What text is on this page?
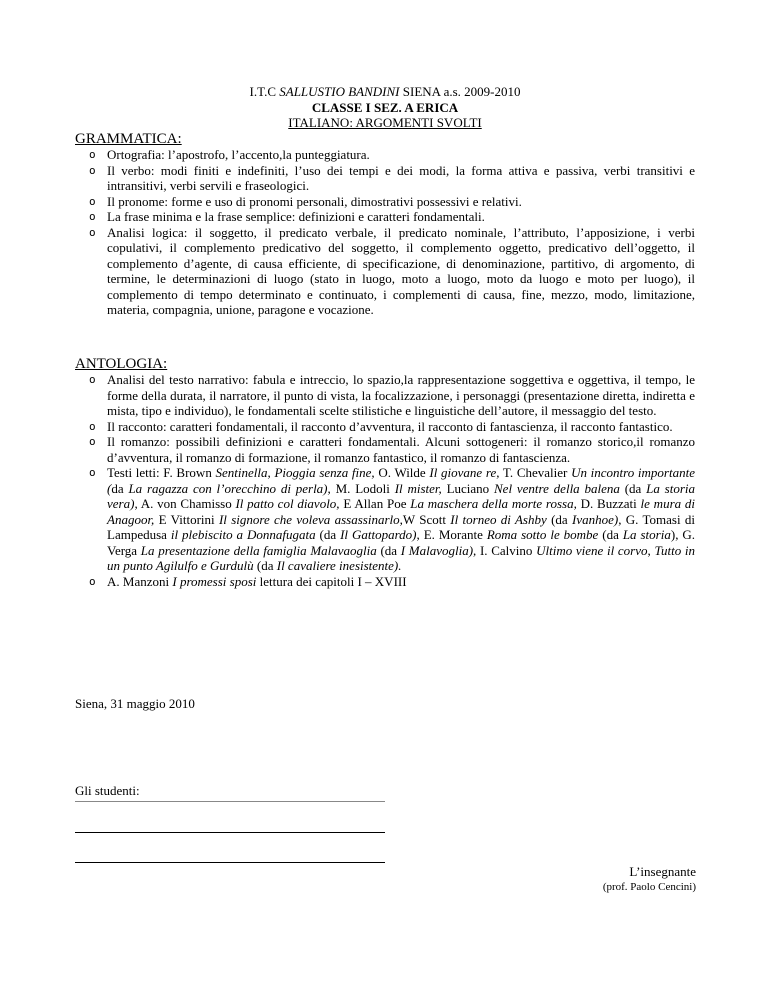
I.T.C SALLUSTIO BANDINI SIENA a.s. 2009-2010
CLASSE I SEZ. A ERICA
ITALIANO: ARGOMENTI SVOLTI
GRAMMATICA:
o Ortografia: l’apostrofo, l’accento,la punteggiatura.
o Il verbo: modi finiti e indefiniti, l’uso dei tempi e dei modi, la forma attiva e passiva, verbi transitivi e intransitivi, verbi servili e fraseologici.
o Il pronome: forme e uso di pronomi personali, dimostrativi possessivi e relativi.
o La frase minima e la frase semplice: definizioni e caratteri fondamentali.
o Analisi logica: il soggetto, il predicato verbale, il predicato nominale, l’attributo, l’apposizione, i verbi copulativi, il complemento predicativo del soggetto, il complemento oggetto, predicativo dell’oggetto, il complemento d’agente, di causa efficiente, di specificazione, di denominazione, partitivo, di argomento, di termine, le determinazioni di luogo (stato in luogo, moto a luogo, moto da luogo e moto per luogo), il complemento di tempo determinato e continuato, i complementi di causa, fine, mezzo, modo, limitazione, materia, compagnia, unione, paragone e vocazione.
ANTOLOGIA:
o Analisi del testo narrativo: fabula e intreccio, lo spazio,la rappresentazione soggettiva e oggettiva, il tempo, le forme della durata, il narratore, il punto di vista, la focalizzazione, i personaggi (presentazione diretta, indiretta e mista, tipo e individuo), le fondamentali scelte stilistiche e linguistiche dell’autore, il messaggio del testo.
o Il racconto: caratteri fondamentali, il racconto d’avventura, il racconto di fantascienza, il racconto fantastico.
o Il romanzo: possibili definizioni e caratteri fondamentali. Alcuni sottogeneri: il romanzo storico,il romanzo d’avventura, il romanzo di formazione, il romanzo fantastico, il romanzo di fantascienza.
o Testi letti: F. Brown Sentinella, Pioggia senza fine, O. Wilde Il giovane re, T. Chevalier Un incontro importante (da La ragazza con l’orecchino di perla), M. Lodoli Il mister, Luciano Nel ventre della balena (da La storia vera), A. von Chamisso Il patto col diavolo, E Allan Poe La maschera della morte rossa, D. Buzzati le mura di Anagoor, E Vittorini Il signore che voleva assassinarlo,W Scott Il torneo di Ashby (da Ivanhoe), G. Tomasi di Lampedusa il plebiscito a Donnafugata (da Il Gattopardo), E. Morante Roma sotto le bombe (da La storia), G. Verga La presentazione della famiglia Malavaoglia (da I Malavoglia), I. Calvino Ultimo viene il corvo, Tutto in un punto Agilulfo e Gurdulù (da Il cavaliere inesistente).
o A. Manzoni I promessi sposi lettura dei capitoli I – XVIII
Siena, 31 maggio 2010
Gli studenti:
L’insegnante
(prof. Paolo Cencini)
